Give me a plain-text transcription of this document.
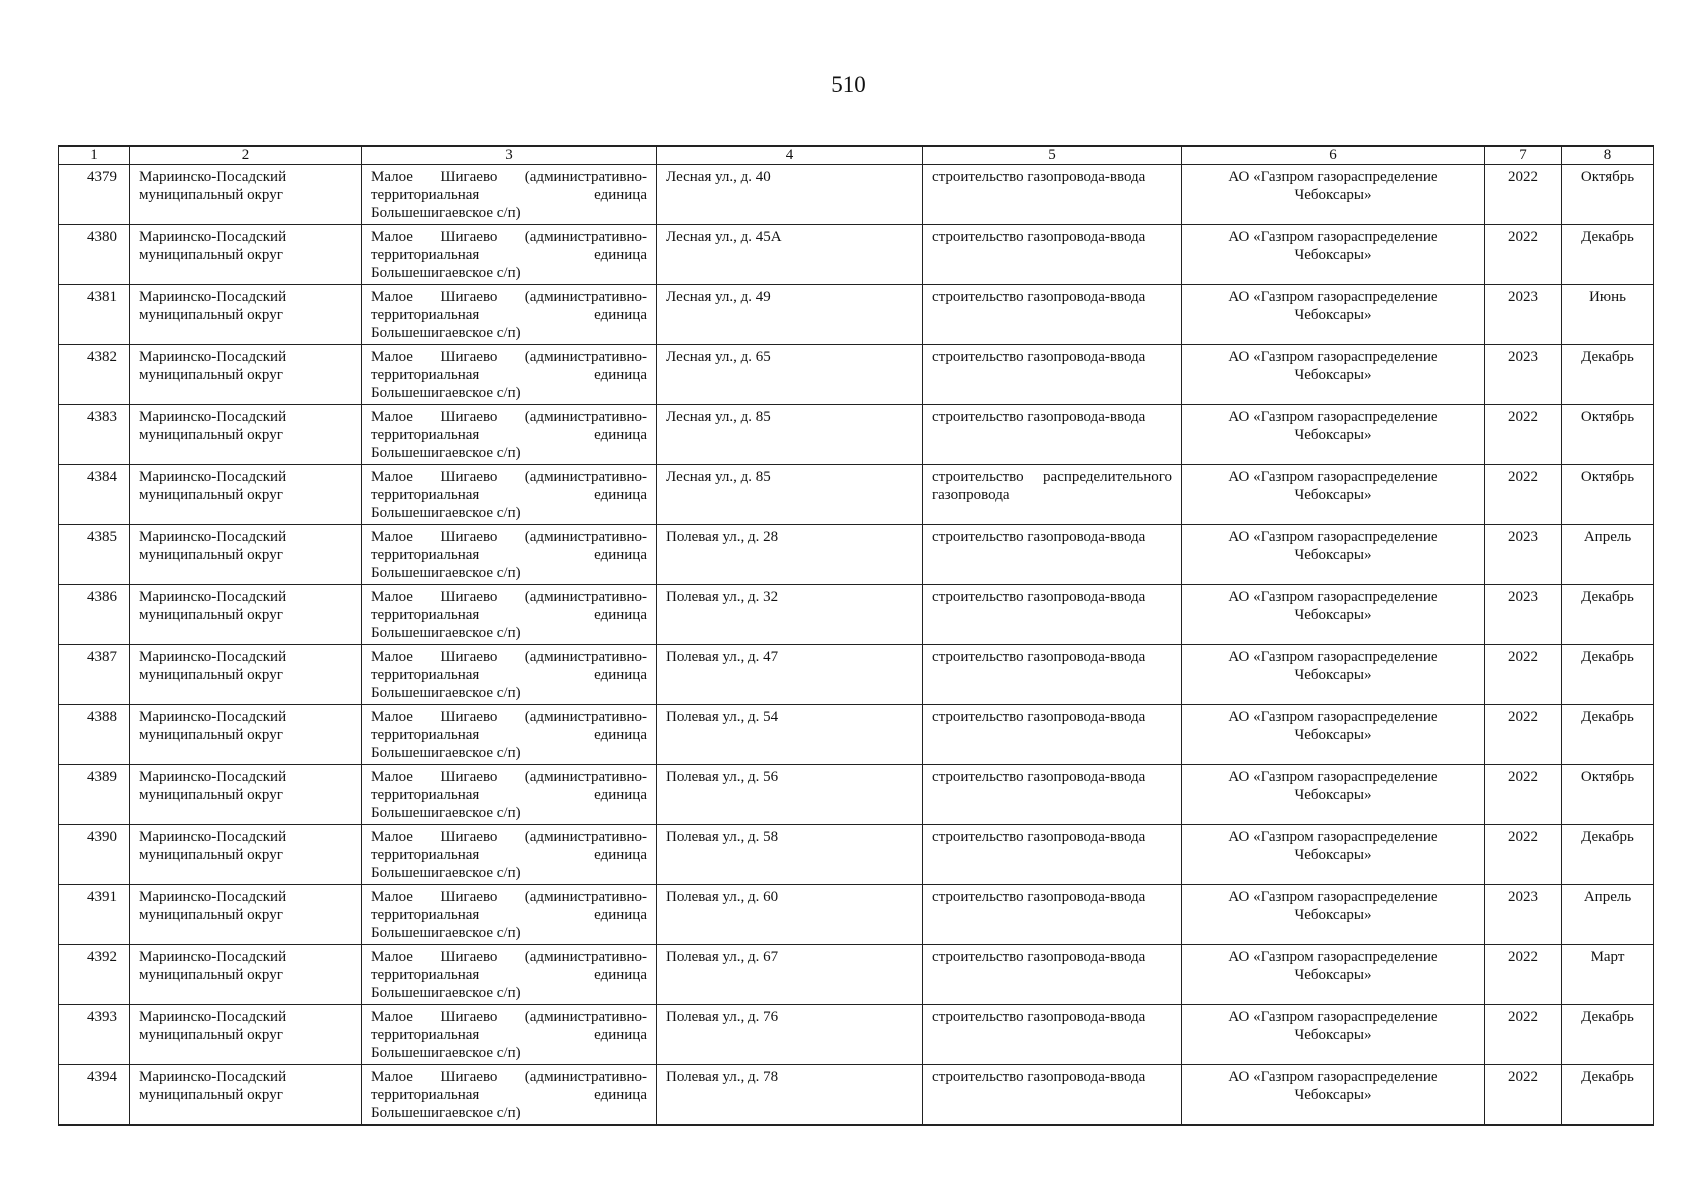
510
1	2	3	4	5	6	7	8
4379	Мариинско-Посадский муниципальный округ	Малое Шигаево (административно-территориальная единица Большешигаевское с/п)	Лесная ул., д. 40	строительство газопровода-ввода	АО «Газпром газораспределение Чебоксары»	2022	Октябрь
4380	Мариинско-Посадский муниципальный округ	Малое Шигаево (административно-территориальная единица Большешигаевское с/п)	Лесная ул., д. 45А	строительство газопровода-ввода	АО «Газпром газораспределение Чебоксары»	2022	Декабрь
4381	Мариинско-Посадский муниципальный округ	Малое Шигаево (административно-территориальная единица Большешигаевское с/п)	Лесная ул., д. 49	строительство газопровода-ввода	АО «Газпром газораспределение Чебоксары»	2023	Июнь
4382	Мариинско-Посадский муниципальный округ	Малое Шигаево (административно-территориальная единица Большешигаевское с/п)	Лесная ул., д. 65	строительство газопровода-ввода	АО «Газпром газораспределение Чебоксары»	2023	Декабрь
4383	Мариинско-Посадский муниципальный округ	Малое Шигаево (административно-территориальная единица Большешигаевское с/п)	Лесная ул., д. 85	строительство газопровода-ввода	АО «Газпром газораспределение Чебоксары»	2022	Октябрь
4384	Мариинско-Посадский муниципальный округ	Малое Шигаево (административно-территориальная единица Большешигаевское с/п)	Лесная ул., д. 85	строительство распределительного газопровода	АО «Газпром газораспределение Чебоксары»	2022	Октябрь
4385	Мариинско-Посадский муниципальный округ	Малое Шигаево (административно-территориальная единица Большешигаевское с/п)	Полевая ул., д. 28	строительство газопровода-ввода	АО «Газпром газораспределение Чебоксары»	2023	Апрель
4386	Мариинско-Посадский муниципальный округ	Малое Шигаево (административно-территориальная единица Большешигаевское с/п)	Полевая ул., д. 32	строительство газопровода-ввода	АО «Газпром газораспределение Чебоксары»	2023	Декабрь
4387	Мариинско-Посадский муниципальный округ	Малое Шигаево (административно-территориальная единица Большешигаевское с/п)	Полевая ул., д. 47	строительство газопровода-ввода	АО «Газпром газораспределение Чебоксары»	2022	Декабрь
4388	Мариинско-Посадский муниципальный округ	Малое Шигаево (административно-территориальная единица Большешигаевское с/п)	Полевая ул., д. 54	строительство газопровода-ввода	АО «Газпром газораспределение Чебоксары»	2022	Декабрь
4389	Мариинско-Посадский муниципальный округ	Малое Шигаево (административно-территориальная единица Большешигаевское с/п)	Полевая ул., д. 56	строительство газопровода-ввода	АО «Газпром газораспределение Чебоксары»	2022	Октябрь
4390	Мариинско-Посадский муниципальный округ	Малое Шигаево (административно-территориальная единица Большешигаевское с/п)	Полевая ул., д. 58	строительство газопровода-ввода	АО «Газпром газораспределение Чебоксары»	2022	Декабрь
4391	Мариинско-Посадский муниципальный округ	Малое Шигаево (административно-территориальная единица Большешигаевское с/п)	Полевая ул., д. 60	строительство газопровода-ввода	АО «Газпром газораспределение Чебоксары»	2023	Апрель
4392	Мариинско-Посадский муниципальный округ	Малое Шигаево (административно-территориальная единица Большешигаевское с/п)	Полевая ул., д. 67	строительство газопровода-ввода	АО «Газпром газораспределение Чебоксары»	2022	Март
4393	Мариинско-Посадский муниципальный округ	Малое Шигаево (административно-территориальная единица Большешигаевское с/п)	Полевая ул., д. 76	строительство газопровода-ввода	АО «Газпром газораспределение Чебоксары»	2022	Декабрь
4394	Мариинско-Посадский муниципальный округ	Малое Шигаево (административно-территориальная единица Большешигаевское с/п)	Полевая ул., д. 78	строительство газопровода-ввода	АО «Газпром газораспределение Чебоксары»	2022	Декабрь
